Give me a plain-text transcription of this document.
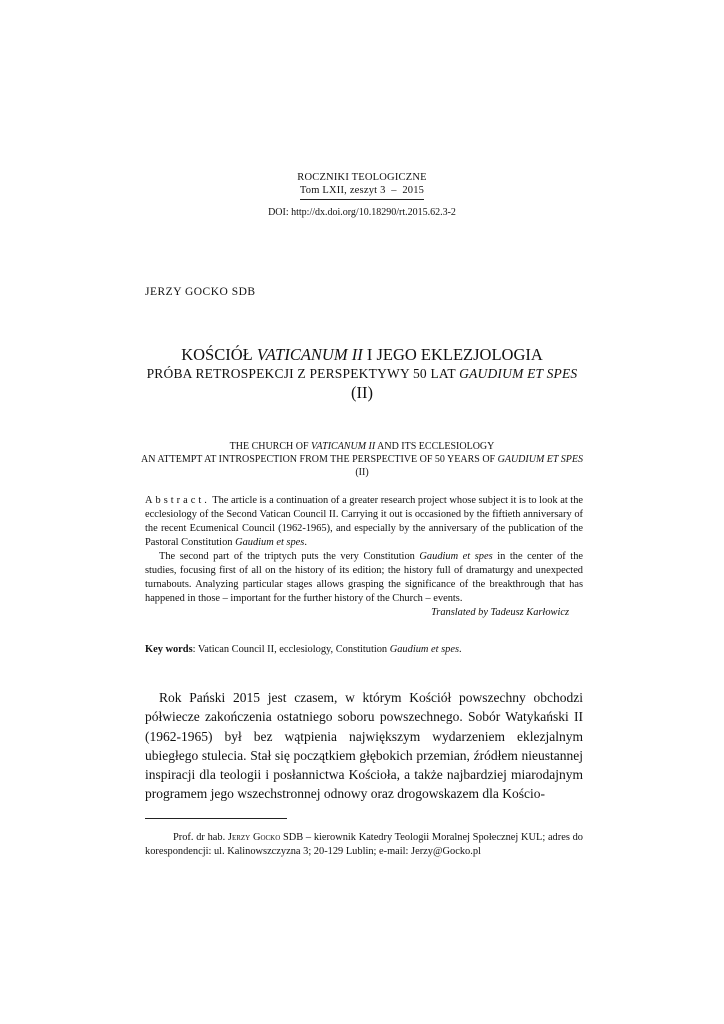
ROCZNIKI TEOLOGICZNE
Tom LXII, zeszyt 3 – 2015
DOI: http://dx.doi.org/10.18290/rt.2015.62.3-2
JERZY GOCKO SDB
KOŚCIÓŁ VATICANUM II I JEGO EKLEZJOLOGIA
PRÓBA RETROSPEKCJI Z PERSPEKTYWY 50 LAT GAUDIUM ET SPES
(II)
THE CHURCH OF VATICANUM II AND ITS ECCLESIOLOGY
AN ATTEMPT AT INTROSPECTION FROM THE PERSPECTIVE OF 50 YEARS OF GAUDIUM ET SPES
(II)

Abstract. The article is a continuation of a greater research project whose subject it is to look at the ecclesiology of the Second Vatican Council II. Carrying it out is occasioned by the fiftieth anniversary of the recent Ecumenical Council (1962-1965), and especially by the anniversary of the publication of the Pastoral Constitution Gaudium et spes.

The second part of the triptych puts the very Constitution Gaudium et spes in the center of the studies, focusing first of all on the history of its edition; the history full of dramaturgy and unexpected turnabouts. Analyzing particular stages allows grasping the significance of the breakthrough that has happened in those – important for the further history of the Church – events.

Translated by Tadeusz Karłowicz

Key words: Vatican Council II, ecclesiology, Constitution Gaudium et spes.

Rok Pański 2015 jest czasem, w którym Kościół powszechny obchodzi półwiecze zakończenia ostatniego soboru powszechnego. Sobór Watykański II (1962-1965) był bez wątpienia największym wydarzeniem eklezjalnym ubiegłego stulecia. Stał się początkiem głębokich przemian, źródłem nieustannej inspiracji dla teologii i posłannictwa Kościoła, a także najbardziej miarodajnym programem jego wszechstronnej odnowy oraz drogowskazem dla Kościo-

Prof. dr hab. Jerzy Gocko SDB – kierownik Katedry Teologii Moralnej Społecznej KUL; adres do korespondencji: ul. Kalinowszczyzna 3; 20-129 Lublin; e-mail: Jerzy@Gocko.pl
